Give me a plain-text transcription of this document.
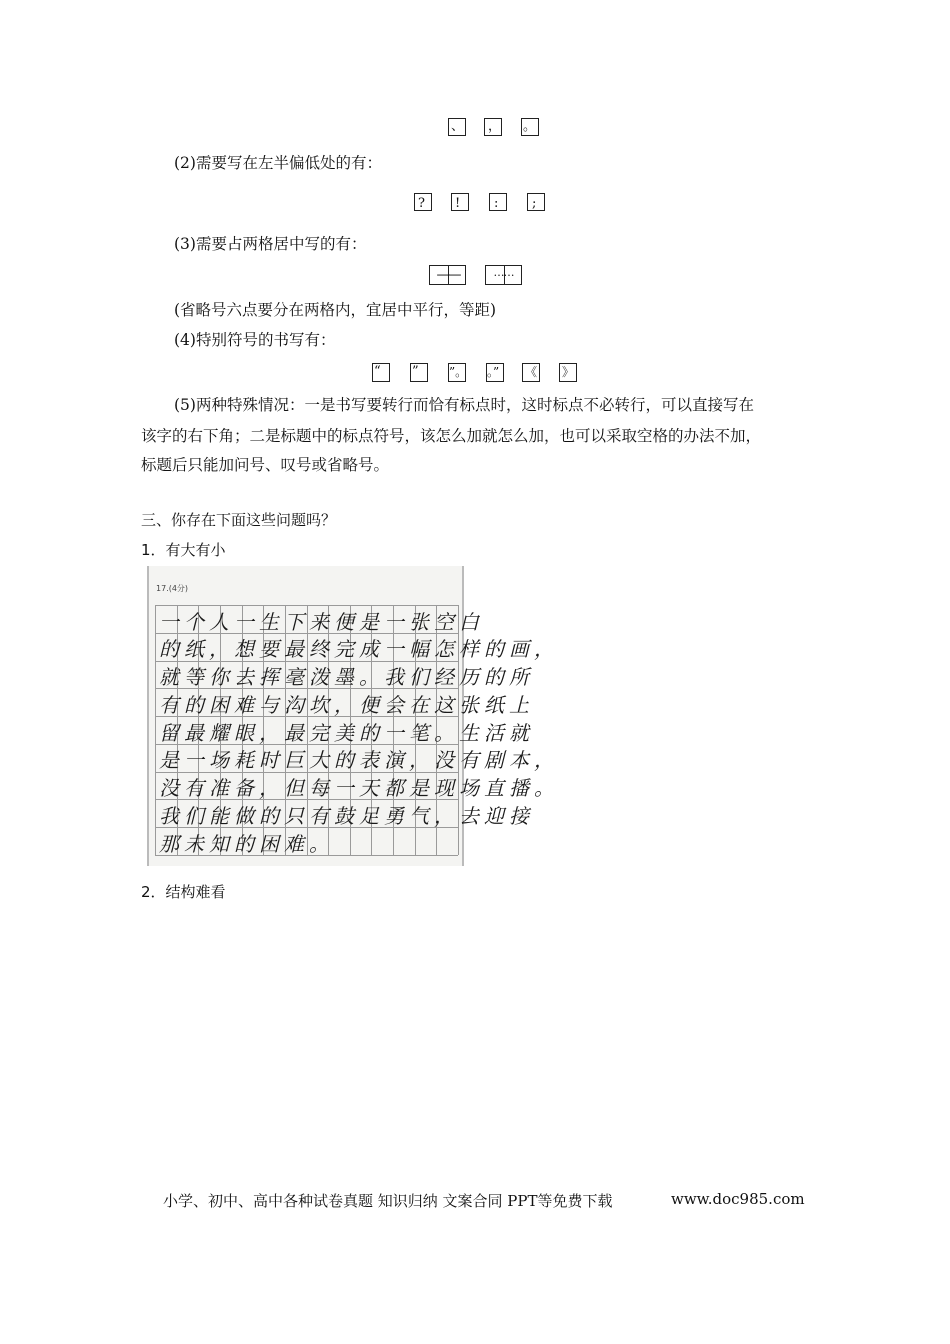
、	， 。
(2)需要写在左半偏低处的有：
?	!	:	;
(3)需要占两格居中写的有：
——	……
(省略号六点要分在两格内，宜居中平行，等距)
(4)特别符号的书写有：
“	”	”。 。”	《 》
(5)两种特殊情况：一是书写要转行而恰有标点时，这时标点不必转行，可以直接写在
该字的右下角；二是标题中的标点符号，该怎么加就怎么加，也可以采取空格的办法不加，
标题后只能加问号、叹号或省略号。
三、你存在下面这些问题吗？
1．有大有小
17.(4分)
一个人一生下来便是一张空白
的纸，想要最终完成一幅怎样的画，
就等你去挥毫泼墨。我们经历的所
有的困难与沟坎，便会在这张纸上
留最耀眼，最完美的一笔。生活就
是一场耗时巨大的表演，没有剧本，
没有准备，但每一天都是现场直播。
我们能做的只有鼓足勇气，去迎接
那未知的困难。
2．结构难看
小学、初中、高中各种试卷真题 知识归纳 文案合同 PPT等免费下载	www.doc985.com
